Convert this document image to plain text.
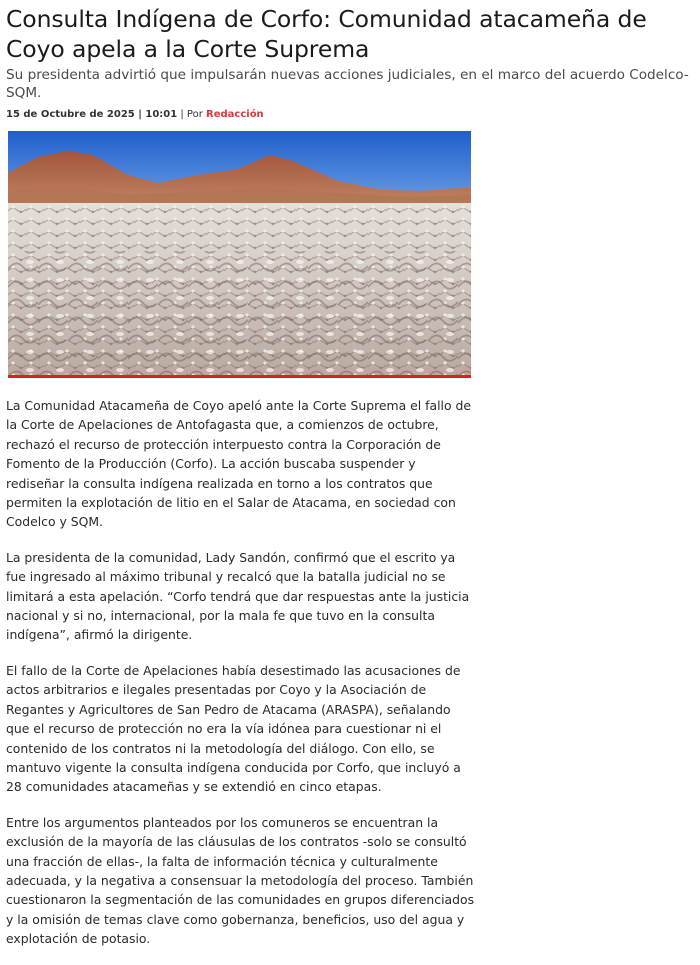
Consulta Indígena de Corfo: Comunidad atacameña de Coyo apela a la Corte Suprema

Su presidenta advirtió que impulsarán nuevas acciones judiciales, en el marco del acuerdo Codelco-SQM.

15 de Octubre de 2025 | 10:01 | Por Redacción

La Comunidad Atacameña de Coyo apeló ante la Corte Suprema el fallo de la Corte de Apelaciones de Antofagasta que, a comienzos de octubre, rechazó el recurso de protección interpuesto contra la Corporación de Fomento de la Producción (Corfo). La acción buscaba suspender y rediseñar la consulta indígena realizada en torno a los contratos que permiten la explotación de litio en el Salar de Atacama, en sociedad con Codelco y SQM.

La presidenta de la comunidad, Lady Sandón, confirmó que el escrito ya fue ingresado al máximo tribunal y recalcó que la batalla judicial no se limitará a esta apelación. “Corfo tendrá que dar respuestas ante la justicia nacional y si no, internacional, por la mala fe que tuvo en la consulta indígena”, afirmó la dirigente.

El fallo de la Corte de Apelaciones había desestimado las acusaciones de actos arbitrarios e ilegales presentadas por Coyo y la Asociación de Regantes y Agricultores de San Pedro de Atacama (ARASPA), señalando que el recurso de protección no era la vía idónea para cuestionar ni el contenido de los contratos ni la metodología del diálogo. Con ello, se mantuvo vigente la consulta indígena conducida por Corfo, que incluyó a 28 comunidades atacameñas y se extendió en cinco etapas.

Entre los argumentos planteados por los comuneros se encuentran la exclusión de la mayoría de las cláusulas de los contratos -solo se consultó una fracción de ellas-, la falta de información técnica y culturalmente adecuada, y la negativa a consensuar la metodología del proceso. También cuestionaron la segmentación de las comunidades en grupos diferenciados y la omisión de temas clave como gobernanza, beneficios, uso del agua y explotación de potasio.
